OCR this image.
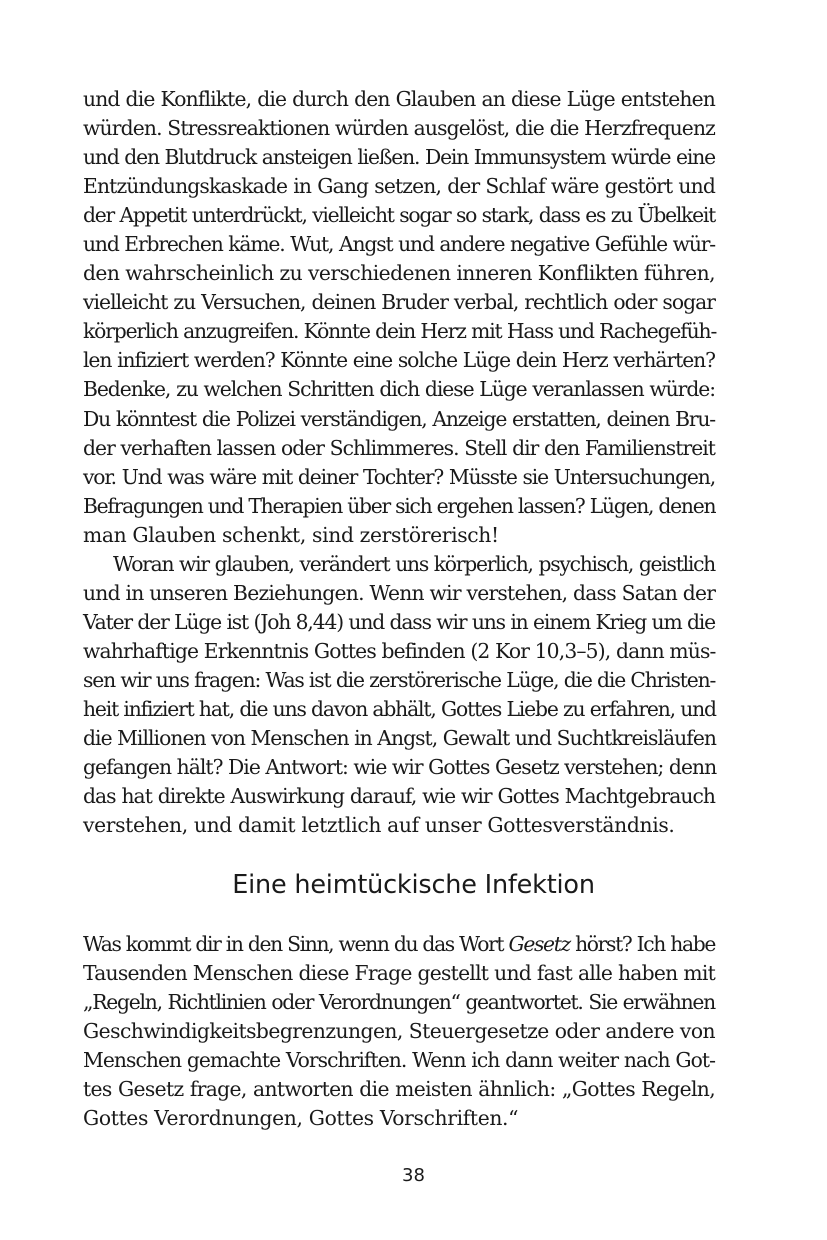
und die Konflikte, die durch den Glauben an diese Lüge entstehen
würden. Stressreaktionen würden ausgelöst, die die Herzfrequenz
und den Blutdruck ansteigen ließen. Dein Immunsystem würde eine
Entzündungskaskade in Gang setzen, der Schlaf wäre gestört und
der Appetit unterdrückt, vielleicht sogar so stark, dass es zu Übelkeit
und Erbrechen käme. Wut, Angst und andere negative Gefühle wür-
den wahrscheinlich zu verschiedenen inneren Konflikten führen,
vielleicht zu Versuchen, deinen Bruder verbal, rechtlich oder sogar
körperlich anzugreifen. Könnte dein Herz mit Hass und Rachegefüh-
len infiziert werden? Könnte eine solche Lüge dein Herz verhärten?
Bedenke, zu welchen Schritten dich diese Lüge veranlassen würde:
Du könntest die Polizei verständigen, Anzeige erstatten, deinen Bru-
der verhaften lassen oder Schlimmeres. Stell dir den Familienstreit
vor. Und was wäre mit deiner Tochter? Müsste sie Untersuchungen,
Befragungen und Therapien über sich ergehen lassen? Lügen, denen
man Glauben schenkt, sind zerstörerisch!
Woran wir glauben, verändert uns körperlich, psychisch, geistlich
und in unseren Beziehungen. Wenn wir verstehen, dass Satan der
Vater der Lüge ist (Joh 8,44) und dass wir uns in einem Krieg um die
wahrhaftige Erkenntnis Gottes befinden (2 Kor 10,3–5), dann müs-
sen wir uns fragen: Was ist die zerstörerische Lüge, die die Christen-
heit infiziert hat, die uns davon abhält, Gottes Liebe zu erfahren, und
die Millionen von Menschen in Angst, Gewalt und Suchtkreisläufen
gefangen hält? Die Antwort: wie wir Gottes Gesetz verstehen; denn
das hat direkte Auswirkung darauf, wie wir Gottes Machtgebrauch
verstehen, und damit letztlich auf unser Gottesverständnis.
Eine heimtückische Infektion
Was kommt dir in den Sinn, wenn du das Wort Gesetz hörst? Ich habe
Tausenden Menschen diese Frage gestellt und fast alle haben mit
„Regeln, Richtlinien oder Verordnungen“ geantwortet. Sie erwähnen
Geschwindigkeitsbegrenzungen, Steuergesetze oder andere von
Menschen gemachte Vorschriften. Wenn ich dann weiter nach Got-
tes Gesetz frage, antworten die meisten ähnlich: „Gottes Regeln,
Gottes Verordnungen, Gottes Vorschriften.“
38
